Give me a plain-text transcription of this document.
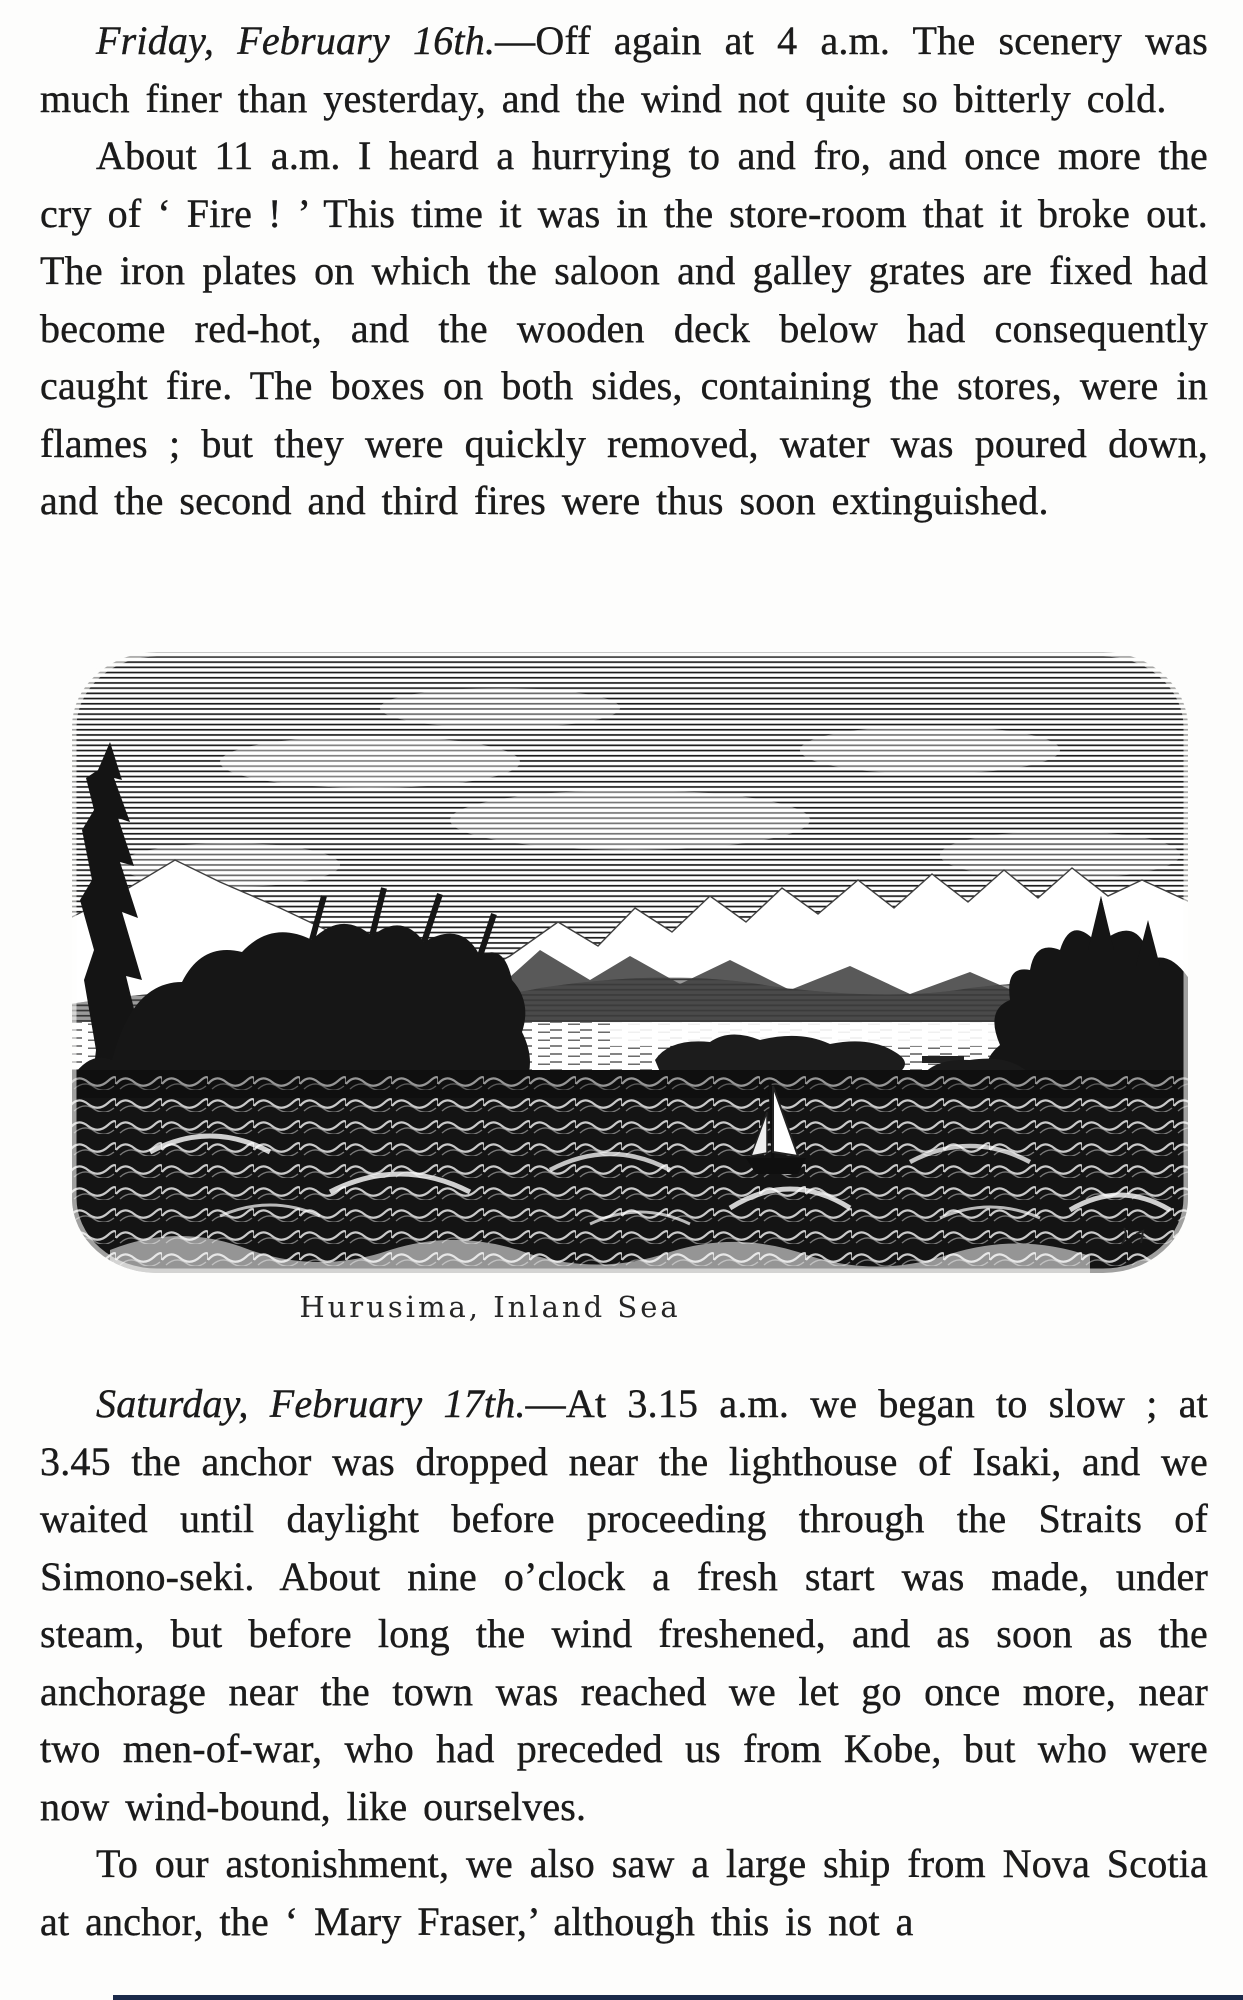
Friday, February 16th.—Off again at 4 a.m. The scenery was much finer than yesterday, and the wind not quite so bitterly cold.

About 11 a.m. I heard a hurrying to and fro, and once more the cry of ‘ Fire ! ’ This time it was in the store-room that it broke out. The iron plates on which the saloon and galley grates are fixed had become red-hot, and the wooden deck below had consequently caught fire. The boxes on both sides, containing the stores, were in flames ; but they were quickly removed, water was poured down, and the second and third fires were thus soon extinguished.

Hurusima, Inland Sea

Saturday, February 17th.—At 3.15 a.m. we began to slow ; at 3.45 the anchor was dropped near the lighthouse of Isaki, and we waited until daylight before proceeding through the Straits of Simono-seki. About nine o’clock a fresh start was made, under steam, but before long the wind freshened, and as soon as the anchorage near the town was reached we let go once more, near two men-of-war, who had preceded us from Kobe, but who were now wind-bound, like ourselves.

To our astonishment, we also saw a large ship from Nova Scotia at anchor, the ‘ Mary Fraser,’ although this is not a
